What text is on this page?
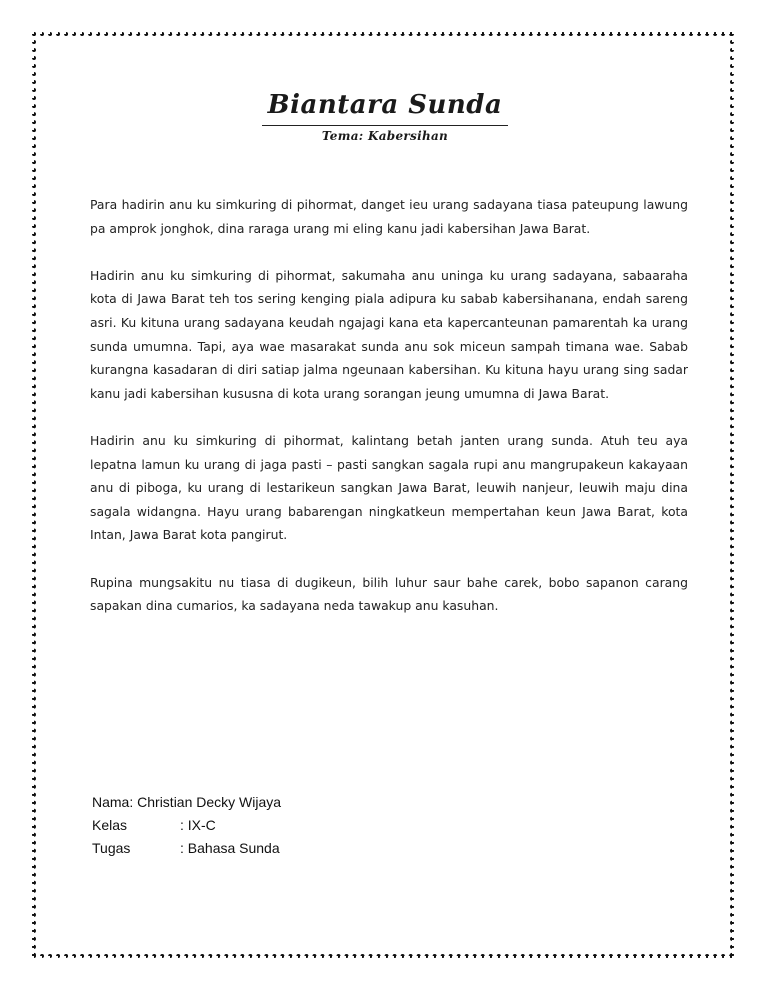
Biantara Sunda
Tema: Kabersihan

Para hadirin anu ku simkuring di pihormat, danget ieu urang sadayana tiasa pateupung lawung pa amprok jonghok, dina raraga urang mi eling kanu jadi kabersihan Jawa Barat.

Hadirin anu ku simkuring di pihormat, sakumaha anu uninga ku urang sadayana, sabaaraha kota di Jawa Barat teh tos sering kenging piala adipura ku sabab kabersihanana, endah sareng asri. Ku kituna urang sadayana keudah ngajagi kana eta kapercanteunan pamarentah ka urang sunda umumna. Tapi, aya wae masarakat sunda anu sok miceun sampah timana wae. Sabab kurangna kasadaran di diri satiap jalma ngeunaan kabersihan. Ku kituna hayu urang sing sadar kanu jadi kabersihan kususna di kota urang sorangan jeung umumna di Jawa Barat.

Hadirin anu ku simkuring di pihormat, kalintang betah janten urang sunda. Atuh teu aya lepatna lamun ku urang di jaga pasti – pasti sangkan sagala rupi anu mangrupakeun kakayaan anu di piboga, ku urang di lestarikeun sangkan Jawa Barat, leuwih nanjeur, leuwih maju dina sagala widangna. Hayu urang babarengan ningkatkeun mempertahan keun Jawa Barat, kota Intan, Jawa Barat kota pangirut.

Rupina mungsakitu nu tiasa di dugikeun, bilih luhur saur bahe carek, bobo sapanon carang sapakan dina cumarios, ka sadayana neda tawakup anu kasuhan.

Nama : Christian Decky Wijaya
Kelas	: IX-C
Tugas	: Bahasa Sunda
